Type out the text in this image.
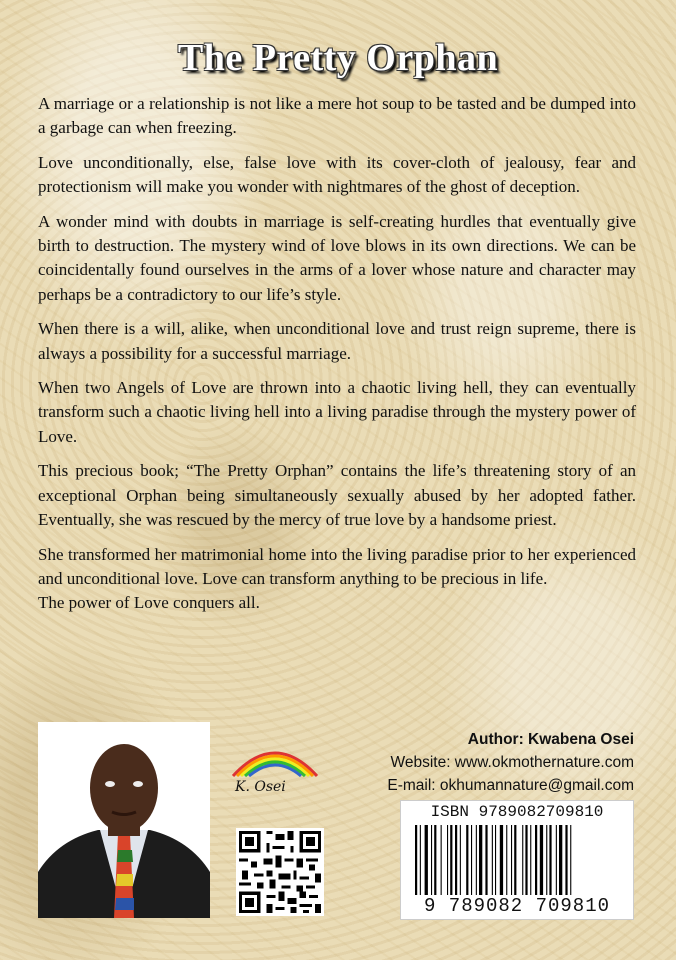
The Pretty Orphan

A marriage or a relationship is not like a mere hot soup to be tasted and be dumped into a garbage can when freezing.

Love unconditionally, else, false love with its cover-cloth of jealousy, fear and protectionism will make you wonder with nightmares of the ghost of deception.

A wonder mind with doubts in marriage is self-creating hurdles that eventually give birth to destruction. The mystery wind of love blows in its own directions. We can be coincidentally found ourselves in the arms of a lover whose nature and character may perhaps be a contradictory to our life’s style.

When there is a will, alike, when unconditional love and trust reign supreme, there is always a possibility for a successful marriage.

When two Angels of Love are thrown into a chaotic living hell, they can eventually transform such a chaotic living hell into a living paradise through the mystery power of Love.

This precious book; “The Pretty Orphan” contains the life’s threatening story of an exceptional Orphan being simultaneously sexually abused by her adopted father. Eventually, she was rescued by the mercy of true love by a handsome priest.

She transformed her matrimonial home into the living paradise prior to her experienced and unconditional love. Love can transform anything to be precious in life.

The power of Love conquers all.

Author: Kwabena Osei
Website: www.okmothernature.com
E-mail: okhumannature@gmail.com
K. Osei
ISBN 9789082709810
9 789082 709810
